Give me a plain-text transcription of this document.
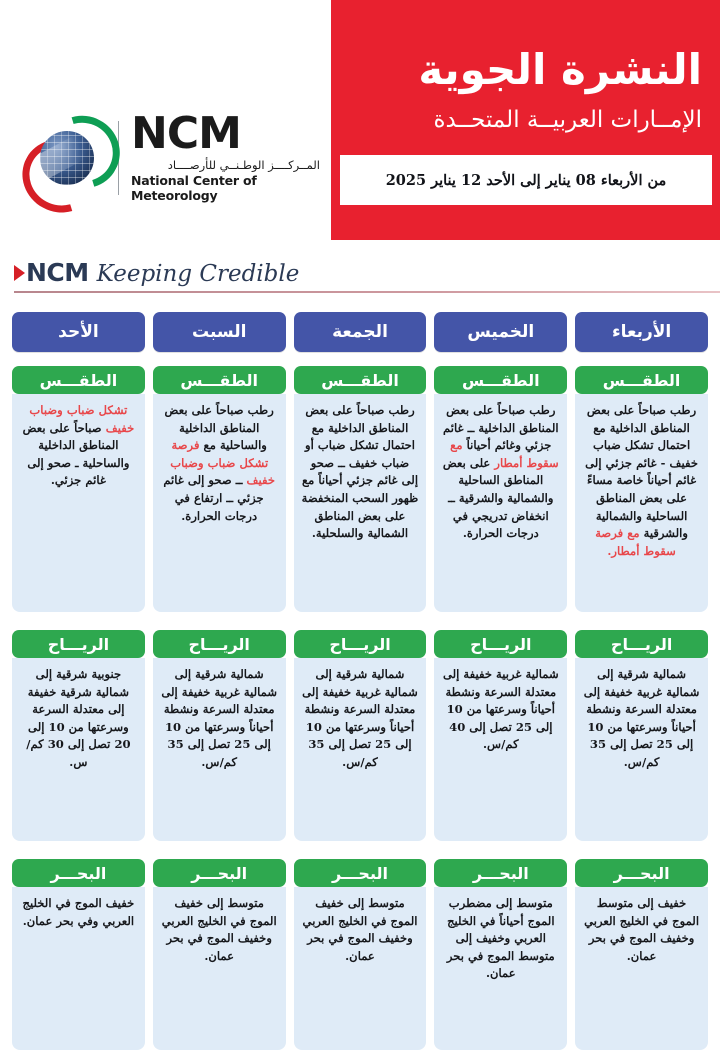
النشرة الجوية
الإمــارات العربيــة المتحــدة
من الأربعاء 08 يناير إلى الأحد 12 يناير 2025
NCM
المــركــــز الوطـنــي للأرصــــاد
National Center of Meteorology
NCM Keeping Credible
الأربعاء
الطقـــس
رطب صباحاً على بعض المناطق الداخلية مع احتمال تشكل ضباب خفيف - غائم جزئي إلى غائم أحياناً خاصة مساءً على بعض المناطق الساحلية والشمالية والشرقية مع فرصة سقوط أمطار.
الريـــاح
شمالية شرقية إلى شمالية غربية خفيفة إلى معتدلة السرعة ونشطة أحياناً وسرعتها من 10 إلى 25 تصل إلى 35 كم/س.
البحـــر
خفيف إلى متوسط الموج في الخليج العربي وخفيف الموج في بحر عمان.
الخميس
الطقـــس
رطب صباحاً على بعض المناطق الداخلية ــ غائم جزئي وغائم أحياناً مع سقوط أمطار على بعض المناطق الساحلية والشمالية والشرقية ــ انخفاض تدريجي في درجات الحرارة.
الريـــاح
شمالية غربية خفيفة إلى معتدلة السرعة ونشطة أحياناً وسرعتها من 10 إلى 25 تصل إلى 40 كم/س.
البحـــر
متوسط إلى مضطرب الموج أحياناً في الخليج العربي وخفيف إلى متوسط الموج في بحر عمان.
الجمعة
الطقـــس
رطب صباحاً على بعض المناطق الداخلية مع احتمال تشكل ضباب أو ضباب خفيف ــ صحو إلى غائم جزئي أحياناً مع ظهور السحب المنخفضة على بعض المناطق الشمالية والسلحلية.
الريـــاح
شمالية شرقية إلى شمالية غربية خفيفة إلى معتدلة السرعة ونشطة أحياناً وسرعتها من 10 إلى 25 تصل إلى 35 كم/س.
البحـــر
متوسط إلى خفيف الموج في الخليج العربي وخفيف الموج في بحر عمان.
السبت
الطقـــس
رطب صباحاً على بعض المناطق الداخلية والساحلية مع فرصة تشكل ضباب وضباب خفيف ــ صحو إلى غائم جزئي ــ ارتفاع في درجات الحرارة.
الريـــاح
شمالية شرقية إلى شمالية غربية خفيفة إلى معتدلة السرعة ونشطة أحياناً وسرعتها من 10 إلى 25 تصل إلى 35 كم/س.
البحـــر
متوسط إلى خفيف الموج في الخليج العربي وخفيف الموج في بحر عمان.
الأحد
الطقـــس
تشكل ضباب وضباب خفيف صباحاً على بعض المناطق الداخلية والساحلية ـ صحو إلى غائم جزئي.
الريـــاح
جنوبية شرقية إلى شمالية شرقية خفيفة إلى معتدلة السرعة وسرعتها من 10 إلى 20 تصل إلى 30 كم/س.
البحـــر
خفيف الموج في الخليج العربي وفي بحر عمان.
